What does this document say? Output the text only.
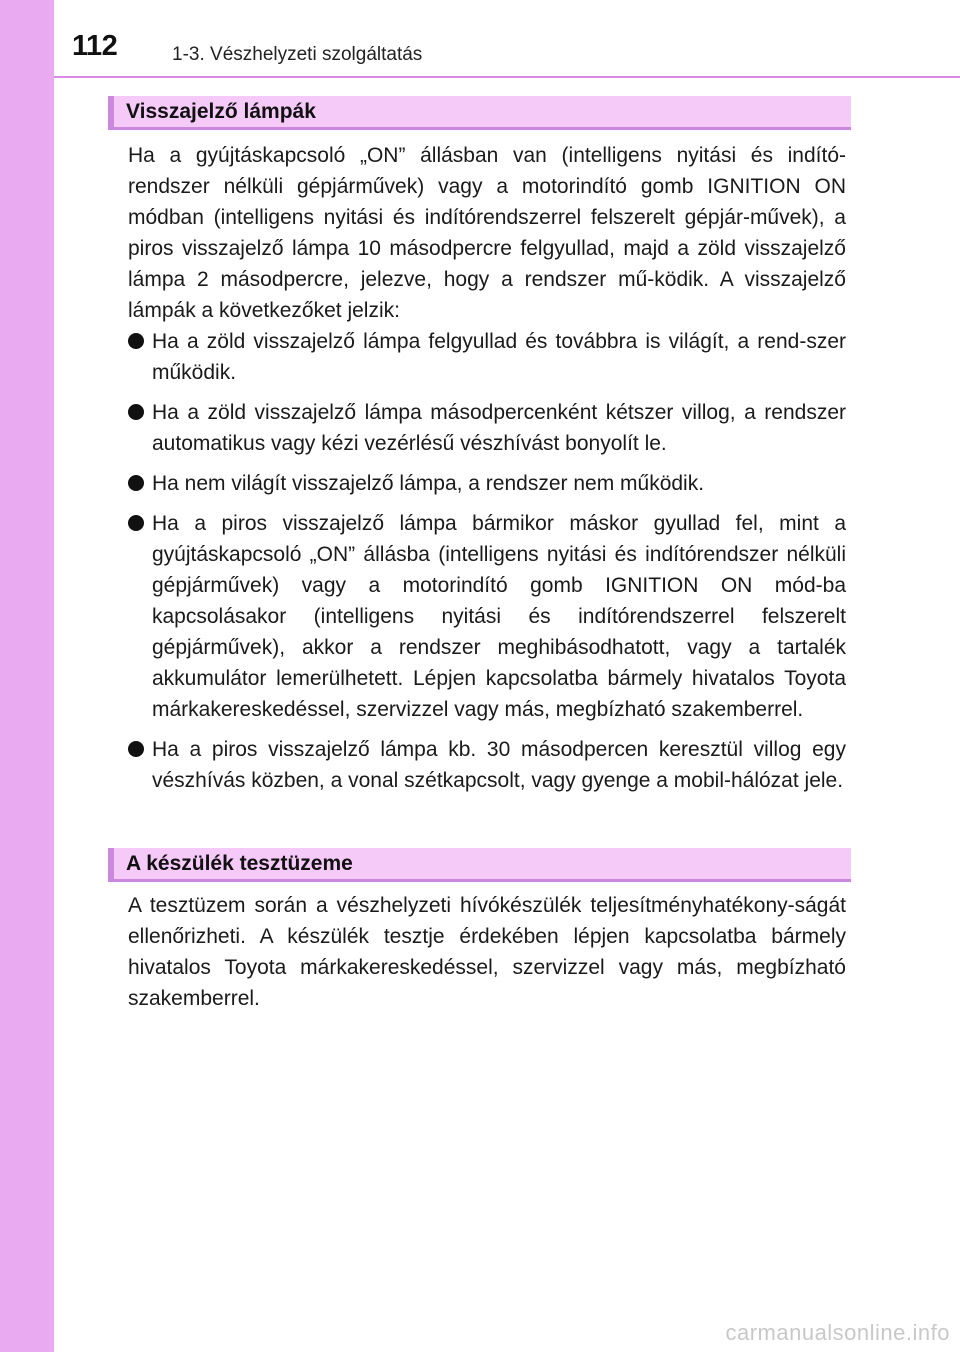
112	1-3. Vészhelyzeti szolgáltatás
Visszajelző lámpák

Ha a gyújtáskapcsoló „ON” állásban van (intelligens nyitási és indító-rendszer nélküli gépjárművek) vagy a motorindító gomb IGNITION ON módban (intelligens nyitási és indítórendszerrel felszerelt gépjár-művek), a piros visszajelző lámpa 10 másodpercre felgyullad, majd a zöld visszajelző lámpa 2 másodpercre, jelezve, hogy a rendszer mű-ködik. A visszajelző lámpák a következőket jelzik:

Ha a zöld visszajelző lámpa felgyullad és továbbra is világít, a rend-szer működik.
Ha a zöld visszajelző lámpa másodpercenként kétszer villog, a rendszer automatikus vagy kézi vezérlésű vészhívást bonyolít le.
Ha nem világít visszajelző lámpa, a rendszer nem működik.
Ha a piros visszajelző lámpa bármikor máskor gyullad fel, mint a gyújtáskapcsoló „ON” állásba (intelligens nyitási és indítórendszer nélküli gépjárművek) vagy a motorindító gomb IGNITION ON mód-ba kapcsolásakor (intelligens nyitási és indítórendszerrel felszerelt gépjárművek), akkor a rendszer meghibásodhatott, vagy a tartalék akkumulátor lemerülhetett. Lépjen kapcsolatba bármely hivatalos Toyota márkakereskedéssel, szervizzel vagy más, megbízható szakemberrel.
Ha a piros visszajelző lámpa kb. 30 másodpercen keresztül villog egy vészhívás közben, a vonal szétkapcsolt, vagy gyenge a mobil-hálózat jele.
A készülék tesztüzeme

A tesztüzem során a vészhelyzeti hívókészülék teljesítményhatékony-ságát ellenőrizheti. A készülék tesztje érdekében lépjen kapcsolatba bármely hivatalos Toyota márkakereskedéssel, szervizzel vagy más, megbízható szakemberrel.

carmanualsonline.info
